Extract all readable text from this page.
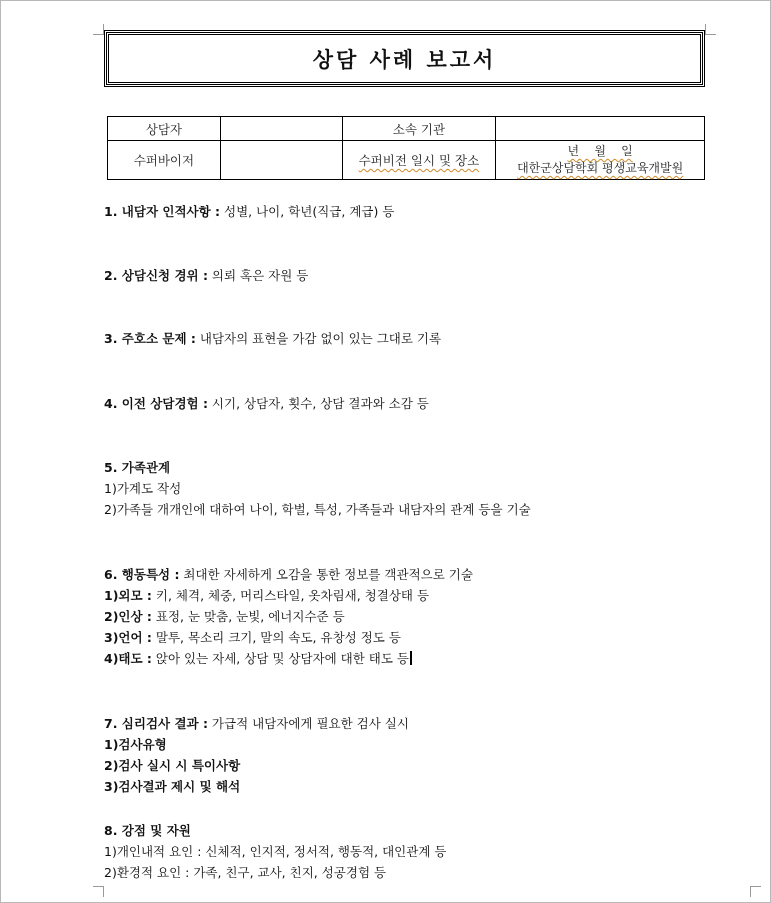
상담 사례 보고서
상담자		소속 기관	
수퍼바이저		수퍼비전 일시 및 장소	년    월    일
대한군상담학회 평생교육개발원
1. 내담자 인적사항 : 성별, 나이, 학년(직급, 계급) 등
2. 상담신청 경위 : 의뢰 혹은 자원 등
3. 주호소 문제 : 내담자의 표현을 가감 없이 있는 그대로 기록
4. 이전 상담경험 : 시기, 상담자, 횟수, 상담 결과와 소감 등
5. 가족관계
1)가계도 작성
2)가족들 개개인에 대하여 나이, 학벌, 특성, 가족들과 내담자의 관계 등을 기술
6. 행동특성 : 최대한 자세하게 오감을 통한 정보를 객관적으로 기술
1)외모 : 키, 체격, 체중, 머리스타일, 옷차림새, 청결상태 등
2)인상 : 표정, 눈 맞춤, 눈빛, 에너지수준 등
3)언어 : 말투, 목소리 크기, 말의 속도, 유창성 정도 등
4)태도 : 앉아 있는 자세, 상담 및 상담자에 대한 태도 등
7. 심리검사 결과 : 가급적 내담자에게 필요한 검사 실시
1)검사유형
2)검사 실시 시 특이사항
3)검사결과 제시 및 해석
8. 강점 및 자원
1)개인내적 요인 : 신체적, 인지적, 정서적, 행동적, 대인관계 등
2)환경적 요인 : 가족, 친구, 교사, 친지, 성공경험 등
